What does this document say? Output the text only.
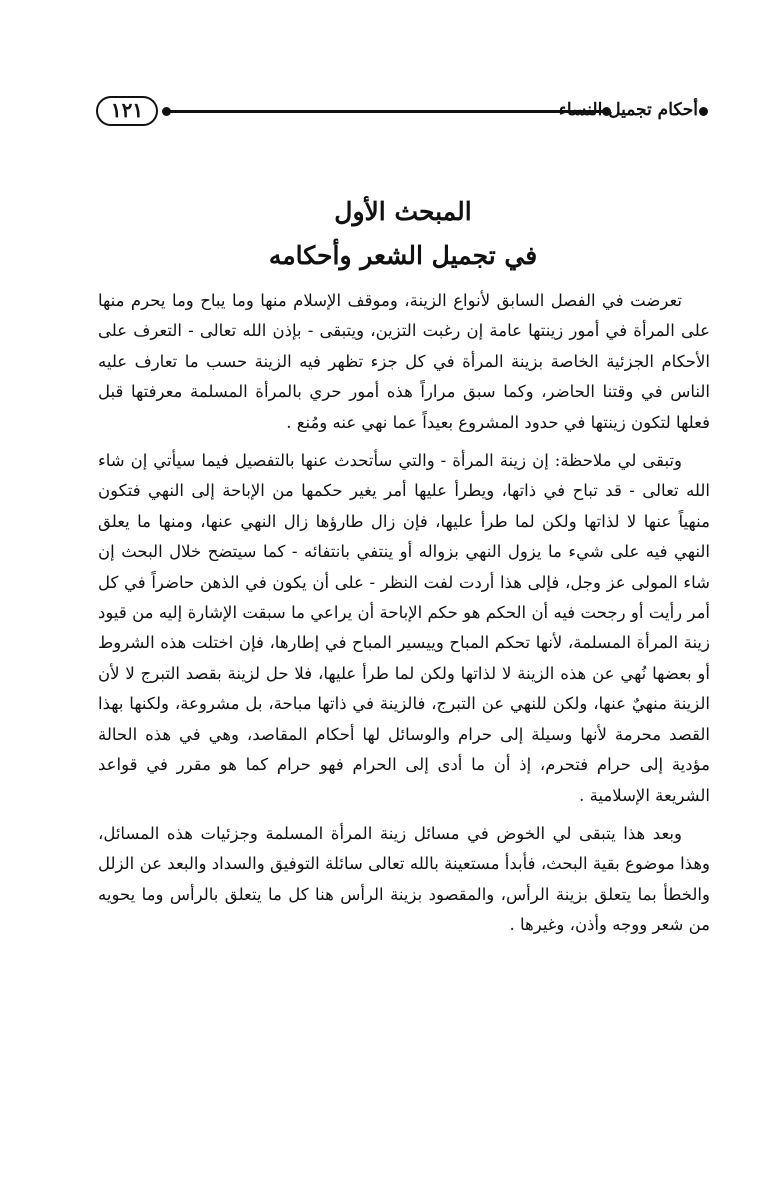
١٢١	أحكام تجميل النساء
المبحث الأول
في تجميل الشعر وأحكامه

تعرضت في الفصل السابق لأنواع الزينة، وموقف الإسلام منها وما يباح وما يحرم منها على المرأة في أمور زينتها عامة إن رغبت التزين، ويتبقى - بإذن الله تعالى - التعرف على الأحكام الجزئية الخاصة بزينة المرأة في كل جزء تظهر فيه الزينة حسب ما تعارف عليه الناس في وقتنا الحاضر، وكما سبق مراراً هذه أمور حري بالمرأة المسلمة معرفتها قبل فعلها لتكون زينتها في حدود المشروع بعيداً عما نهي عنه ومُنع .

وتبقى لي ملاحظة: إن زينة المرأة - والتي سأتحدث عنها بالتفصيل فيما سيأتي إن شاء الله تعالى - قد تباح في ذاتها، ويطرأ عليها أمر يغير حكمها من الإباحة إلى النهي فتكون منهياً عنها لا لذاتها ولكن لما طرأ عليها، فإن زال طارؤها زال النهي عنها، ومنها ما يعلق النهي فيه على شيء ما يزول النهي بزواله أو ينتفي بانتفائه - كما سيتضح خلال البحث إن شاء المولى عز وجل، فإلى هذا أردت لفت النظر - على أن يكون في الذهن حاضراً في كل أمر رأيت أو رجحت فيه أن الحكم هو حكم الإباحة أن يراعي ما سبقت الإشارة إليه من قيود زينة المرأة المسلمة، لأنها تحكم المباح وييسير المباح في إطارها، فإن اختلت هذه الشروط أو بعضها نُهي عن هذه الزينة لا لذاتها ولكن لما طرأ عليها، فلا حل لزينة بقصد التبرج لا لأن الزينة منهيٌ عنها، ولكن للنهي عن التبرج، فالزينة في ذاتها مباحة، بل مشروعة، ولكنها بهذا القصد محرمة لأنها وسيلة إلى حرام والوسائل لها أحكام المقاصد، وهي في هذه الحالة مؤدية إلى حرام فتحرم، إذ أن ما أدى إلى الحرام فهو حرام كما هو مقرر في قواعد الشريعة الإسلامية .

وبعد هذا يتبقى لي الخوض في مسائل زينة المرأة المسلمة وجزئيات هذه المسائل، وهذا موضوع بقية البحث، فأبدأ مستعينة بالله تعالى سائلة التوفيق والسداد والبعد عن الزلل والخطأ بما يتعلق بزينة الرأس، والمقصود بزينة الرأس هنا كل ما يتعلق بالرأس وما يحويه من شعر ووجه وأذن، وغيرها .
